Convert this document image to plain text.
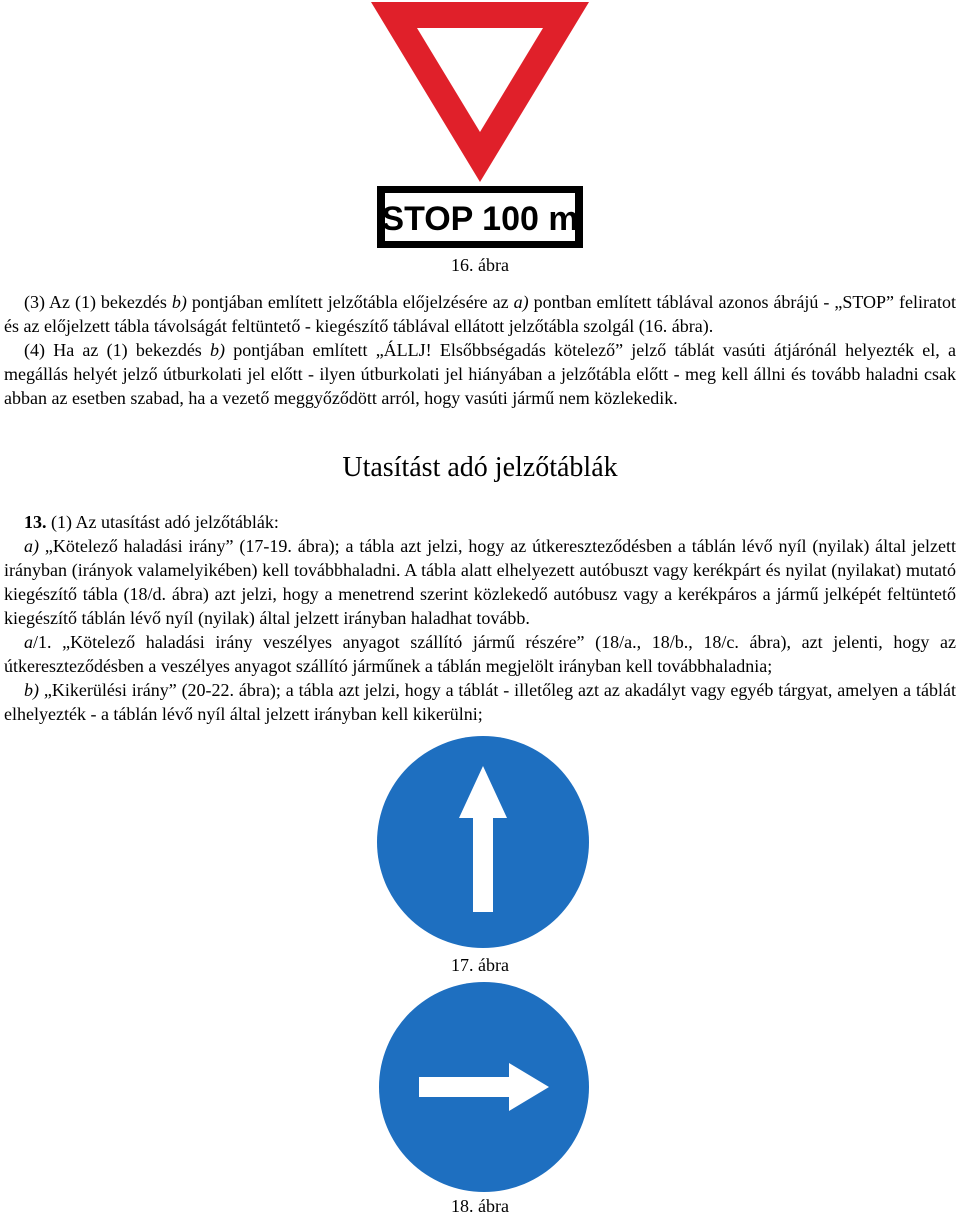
STOP 100 m
16. ábra

(3) Az (1) bekezdés b) pontjában említett jelzőtábla előjelzésére az a) pontban említett táblával azonos ábrájú - „STOP” feliratot és az előjelzett tábla távolságát feltüntető - kiegészítő táblával ellátott jelzőtábla szolgál (16. ábra).

(4) Ha az (1) bekezdés b) pontjában említett „ÁLLJ! Elsőbbségadás kötelező” jelző táblát vasúti átjárónál helyezték el, a megállás helyét jelző útburkolati jel előtt - ilyen útburkolati jel hiányában a jelzőtábla előtt - meg kell állni és tovább haladni csak abban az esetben szabad, ha a vezető meggyőződött arról, hogy vasúti jármű nem közlekedik.

Utasítást adó jelzőtáblák

13. (1) Az utasítást adó jelzőtáblák:

a) „Kötelező haladási irány” (17-19. ábra); a tábla azt jelzi, hogy az útkereszteződésben a táblán lévő nyíl (nyilak) által jelzett irányban (irányok valamelyikében) kell továbbhaladni. A tábla alatt elhelyezett autóbuszt vagy kerékpárt és nyilat (nyilakat) mutató kiegészítő tábla (18/d. ábra) azt jelzi, hogy a menetrend szerint közlekedő autóbusz vagy a kerékpáros a jármű jelképét feltüntető kiegészítő táblán lévő nyíl (nyilak) által jelzett irányban haladhat tovább.

a/1. „Kötelező haladási irány veszélyes anyagot szállító jármű részére” (18/a., 18/b., 18/c. ábra), azt jelenti, hogy az útkereszteződésben a veszélyes anyagot szállító járműnek a táblán megjelölt irányban kell továbbhaladnia;

b) „Kikerülési irány” (20-22. ábra); a tábla azt jelzi, hogy a táblát - illetőleg azt az akadályt vagy egyéb tárgyat, amelyen a táblát elhelyezték - a táblán lévő nyíl által jelzett irányban kell kikerülni;

17. ábra
18. ábra
